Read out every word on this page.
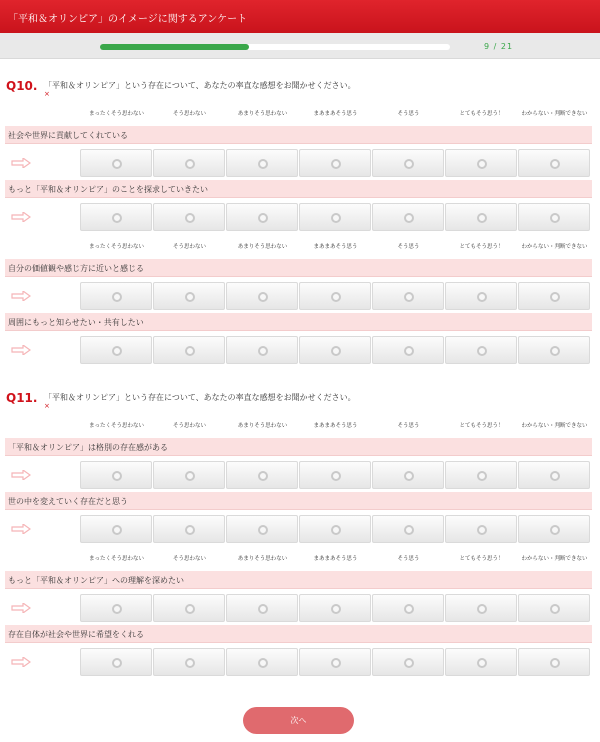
「平和＆オリンピア」のイメージに関するアンケート
9 / 21
Q10. 「平和＆オリンピア」という存在について、あなたの率直な感想をお聞かせください。
×
まったくそう思わない	そう思わない	あまりそう思わない	まあまあそう思う	そう思う	とてもそう思う！	わからない・判断できない
まったくそう思わない	そう思わない	あまりそう思わない	まあまあそう思う	そう思う	とてもそう思う！	わからない・判断できない
社会や世界に貢献してくれている
もっと「平和＆オリンピア」のことを探求していきたい
自分の価値観や感じ方に近いと感じる
周囲にもっと知らせたい・共有したい
Q11. 「平和＆オリンピア」という存在について、あなたの率直な感想をお聞かせください。
×
まったくそう思わない	そう思わない	あまりそう思わない	まあまあそう思う	そう思う	とてもそう思う！	わからない・判断できない
まったくそう思わない	そう思わない	あまりそう思わない	まあまあそう思う	そう思う	とてもそう思う！	わからない・判断できない
「平和＆オリンピア」は格別の存在感がある
世の中を変えていく存在だと思う
もっと「平和＆オリンピア」への理解を深めたい
存在自体が社会や世界に希望をくれる
次へ
